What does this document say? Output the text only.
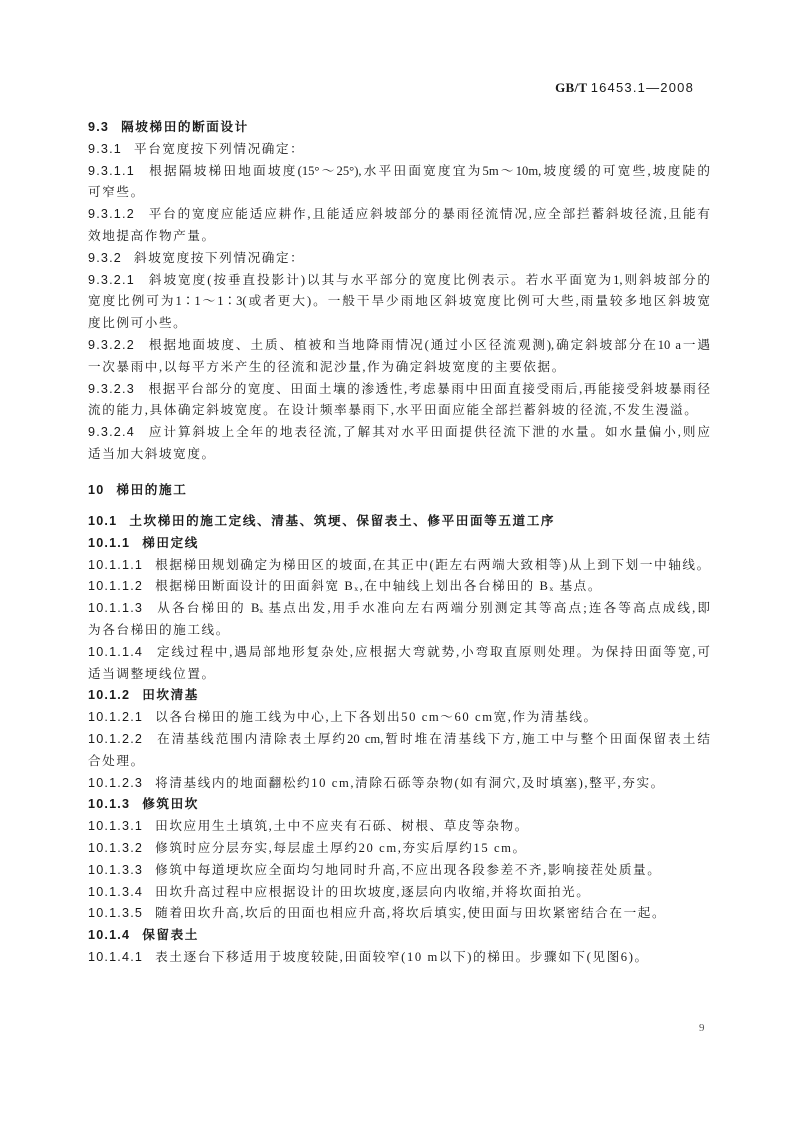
GB/T 16453.1—2008
9.3 隔坡梯田的断面设计
9.3.1 平台宽度按下列情况确定：
9.3.1.1 根据隔坡梯田地面坡度(15°～25°),水平田面宽度宜为5m～10m,坡度缓的可宽些,坡度陡的
可窄些。
9.3.1.2 平台的宽度应能适应耕作,且能适应斜坡部分的暴雨径流情况,应全部拦蓄斜坡径流,且能有
效地提高作物产量。
9.3.2 斜坡宽度按下列情况确定：
9.3.2.1 斜坡宽度(按垂直投影计)以其与水平部分的宽度比例表示。若水平面宽为1,则斜坡部分的
宽度比例可为1∶1～1∶3(或者更大)。一般干旱少雨地区斜坡宽度比例可大些,雨量较多地区斜坡宽
度比例可小些。
9.3.2.2 根据地面坡度、土质、植被和当地降雨情况(通过小区径流观测),确定斜坡部分在10 a一遇
一次暴雨中,以每平方米产生的径流和泥沙量,作为确定斜坡宽度的主要依据。
9.3.2.3 根据平台部分的宽度、田面土壤的渗透性,考虑暴雨中田面直接受雨后,再能接受斜坡暴雨径
流的能力,具体确定斜坡宽度。在设计频率暴雨下,水平田面应能全部拦蓄斜坡的径流,不发生漫溢。
9.3.2.4 应计算斜坡上全年的地表径流,了解其对水平田面提供径流下泄的水量。如水量偏小,则应
适当加大斜坡宽度。
10 梯田的施工
10.1 土坎梯田的施工定线、清基、筑埂、保留表土、修平田面等五道工序
10.1.1 梯田定线
10.1.1.1 根据梯田规划确定为梯田区的坡面,在其正中(距左右两端大致相等)从上到下划一中轴线。
10.1.1.2 根据梯田断面设计的田面斜宽 Bₓ,在中轴线上划出各台梯田的 Bₓ 基点。
10.1.1.3 从各台梯田的 Bₓ 基点出发,用手水准向左右两端分别测定其等高点;连各等高点成线,即
为各台梯田的施工线。
10.1.1.4 定线过程中,遇局部地形复杂处,应根据大弯就势,小弯取直原则处理。为保持田面等宽,可
适当调整埂线位置。
10.1.2 田坎清基
10.1.2.1 以各台梯田的施工线为中心,上下各划出50 cm～60 cm宽,作为清基线。
10.1.2.2 在清基线范围内清除表土厚约20 cm,暂时堆在清基线下方,施工中与整个田面保留表土结
合处理。
10.1.2.3 将清基线内的地面翻松约10 cm,清除石砾等杂物(如有洞穴,及时填塞),整平,夯实。
10.1.3 修筑田坎
10.1.3.1 田坎应用生土填筑,土中不应夹有石砾、树根、草皮等杂物。
10.1.3.2 修筑时应分层夯实,每层虚土厚约20 cm,夯实后厚约15 cm。
10.1.3.3 修筑中每道埂坎应全面均匀地同时升高,不应出现各段参差不齐,影响接茬处质量。
10.1.3.4 田坎升高过程中应根据设计的田坎坡度,逐层向内收缩,并将坎面拍光。
10.1.3.5 随着田坎升高,坎后的田面也相应升高,将坎后填实,使田面与田坎紧密结合在一起。
10.1.4 保留表土
10.1.4.1 表土逐台下移适用于坡度较陡,田面较窄(10 m以下)的梯田。步骤如下(见图6)。
9
